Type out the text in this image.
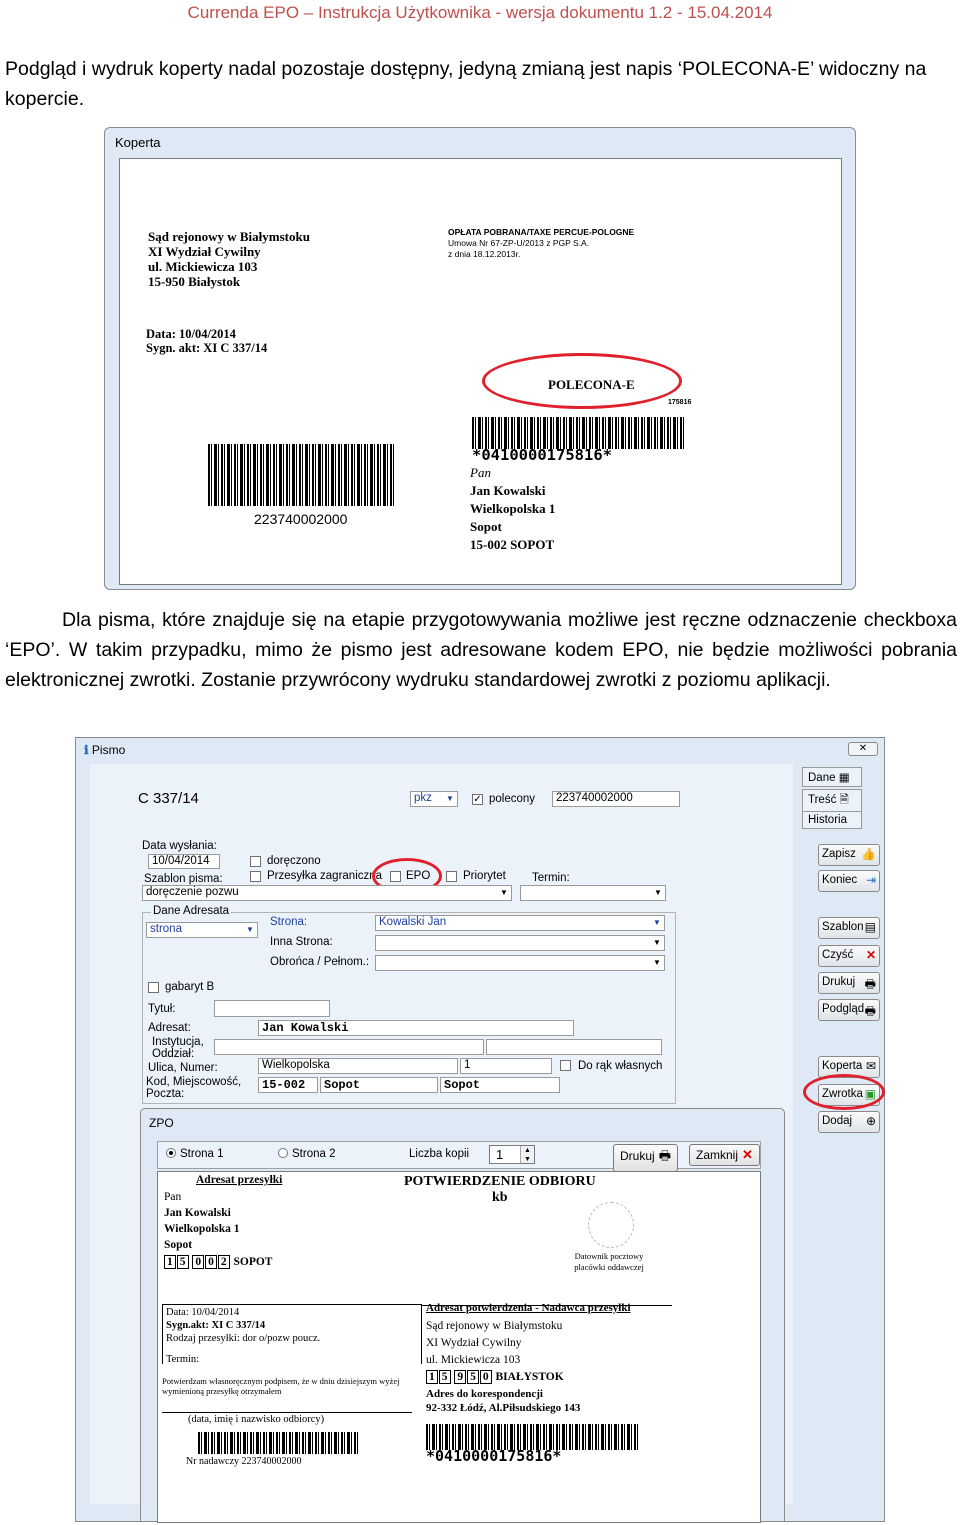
Currenda EPO – Instrukcja Użytkownika - wersja dokumentu 1.2 - 15.04.2014
Podgląd i wydruk koperty nadal pozostaje dostępny, jedyną zmianą jest napis ‘POLECONA-E’ widoczny na kopercie.
Koperta

Sąd rejonowy w Białymstoku
XI Wydział Cywilny
ul. Mickiewicza 103
15-950 Białystok
OPŁATA POBRANA/TAXE PERCUE-POLOGNE
Umowa Nr 67-ZP-U/2013 z PGP S.A.
z dnia 18.12.2013r.
Data: 10/04/2014
Sygn. akt: XI C 337/14
POLECONA-E
175816
*0410000175816*
Pan
Jan Kowalski
Wielkopolska 1
Sopot
15-002 SOPOT
223740002000
Dla pisma, które znajduje się na etapie przygotowywania możliwe jest ręczne odznaczenie checkboxa ‘EPO’. W takim przypadku, mimo że pismo jest adresowane kodem EPO, nie będzie możliwości pobrania elektronicznej zwrotki. Zostanie przywrócony wydruku standardowej zwrotki z poziomu aplikacji.
ℹ Pismo	✕
C 337/14	pkz	▼	✓ polecony	223740002000
Data wysłania:
10/04/2014	doręczono
Przesyłka zagraniczna EPO	Priorytet Termin:
Szablon pisma:
doręczenie pozwu	▼	▼
Dane Adresata
strona	▼
Strona:	Kowalski Jan	▼
Inna Strona:	▼
Obrońca / Pełnom.:	▼
gabaryt B
Tytuł:
Adresat:	Jan Kowalski
Instytucja, Oddział:
Ulica, Numer:	Wielkopolska	1	Do rąk własnych
Kod, Miejscowość, Poczta:
15-002	Sopot	Sopot
Dane ▦
Treść 🗎
Historia
Zapisz 👍
Koniec ⇥
Szablon ▤
Czyść ✕
Drukuj 🖶
Podgląd 🖶
Koperta ✉
Zwrotka ▣
Dodaj ⊕
ZPO
Strona 1	Strona 2	Liczba kopii	1	▲
▼	Drukuj 🖶	Zamknij ✕
Adresat przesyłki
Pan
Jan Kowalski
Wielkopolska 1
Sopot
1 5 0 0 2 SOPOT
POTWIERDZENIE ODBIORU
kb
Datownik pocztowy
placówki oddawczej
Data: 10/04/2014
Sygn.akt: XI C 337/14
Rodzaj przesyłki: dor o/pozw poucz.
Termin:
Potwierdzam własnoręcznym podpisem, że w dniu dzisiejszym wyżej wymienioną przesyłkę otrzymałem
(data, imię i nazwisko odbiorcy)
Nr nadawczy 223740002000
Adresat potwierdzenia - Nadawca przesyłki
Sąd rejonowy w Białymstoku
XI Wydział Cywilny
ul. Mickiewicza 103
1 5 9 5 0 BIAŁYSTOK
Adres do korespondencji
92-332 Łódź, Al.Piłsudskiego 143
*0410000175816*
